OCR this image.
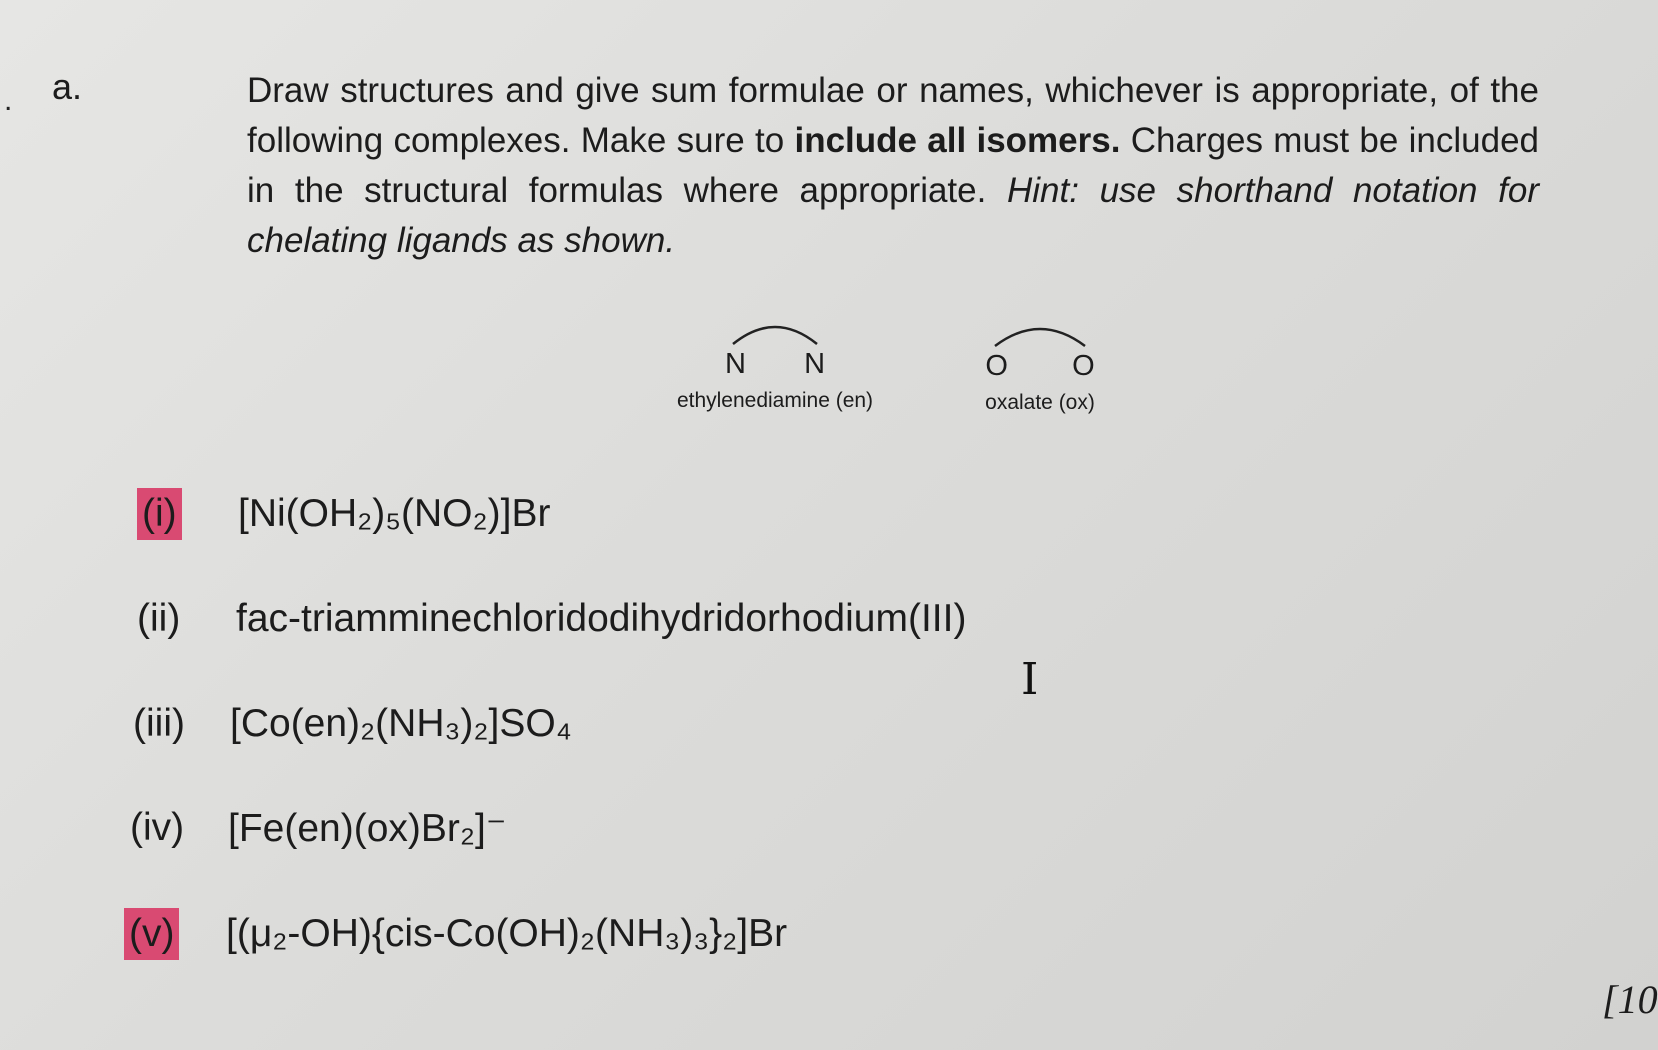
. a.	Draw structures and give sum formulae or names, whichever is appropriate, of the following complexes. Make sure to include all isomers. Charges must be included in the structural formulas where appropriate. Hint: use shorthand notation for chelating ligands as shown.
N N
ethylenediamine (en)
O O
oxalate (ox)
(i) [Ni(OH₂)₅(NO₂)]Br
(ii) fac-triamminechloridodihydridorhodium(III)
(iii) [Co(en)₂(NH₃)₂]SO₄
(iv) [Fe(en)(ox)Br₂]⁻
(v) [(μ₂-OH){cis-Co(OH)₂(NH₃)₃}₂]Br
I
[10
